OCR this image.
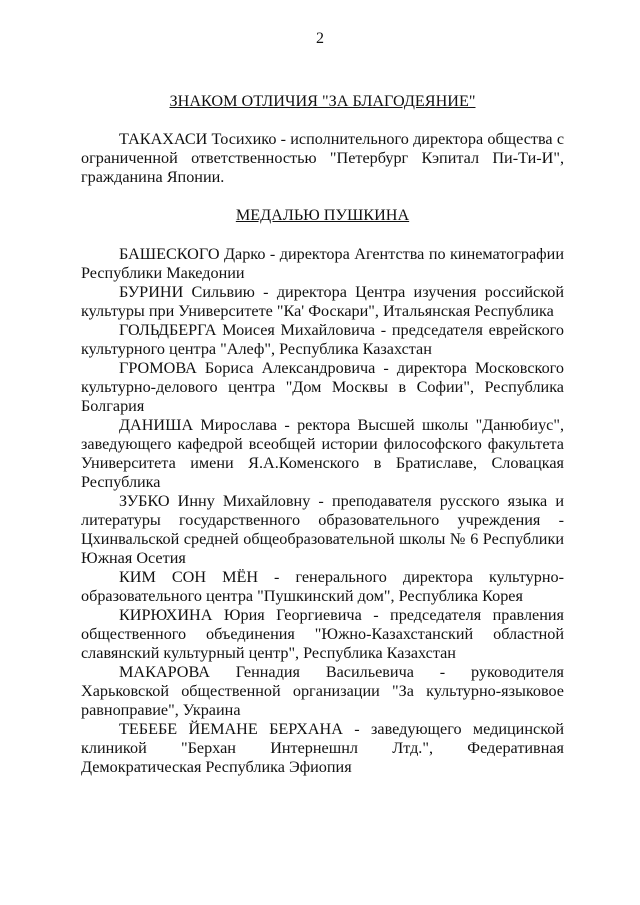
2

ЗНАКОМ ОТЛИЧИЯ "ЗА БЛАГОДЕЯНИЕ"

ТАКАХАСИ Тосихико - исполнительного директора общества с ограниченной ответственностью "Петербург Кэпитал Пи-Ти-И", гражданина Японии.

МЕДАЛЬЮ ПУШКИНА

БАШЕСКОГО Дарко - директора Агентства по кинематографии Республики Македонии

БУРИНИ Сильвию - директора Центра изучения российской культуры при Университете "Ка' Фоскари", Итальянская Республика

ГОЛЬДБЕРГА Моисея Михайловича - председателя еврейского культурного центра "Алеф", Республика Казахстан

ГРОМОВА Бориса Александровича - директора Московского культурно-делового центра "Дом Москвы в Софии", Республика Болгария

ДАНИША Мирослава - ректора Высшей школы "Данюбиус", заведующего кафедрой всеобщей истории философского факультета Университета имени Я.А.Коменского в Братиславе, Словацкая Республика

ЗУБКО Инну Михайловну - преподавателя русского языка и литературы государственного образовательного учреждения - Цхинвальской средней общеобразовательной школы № 6 Республики Южная Осетия

КИМ СОН МЁН - генерального директора культурно-образовательного центра "Пушкинский дом", Республика Корея

КИРЮХИНА Юрия Георгиевича - председателя правления общественного объединения "Южно-Казахстанский областной славянский культурный центр", Республика Казахстан

МАКАРОВА Геннадия Васильевича - руководителя Харьковской общественной организации "За культурно-языковое равноправие", Украина

ТЕБЕБЕ ЙЕМАНЕ БЕРХАНА - заведующего медицинской клиникой "Берхан Интернешнл Лтд.", Федеративная Демократическая Республика Эфиопия
